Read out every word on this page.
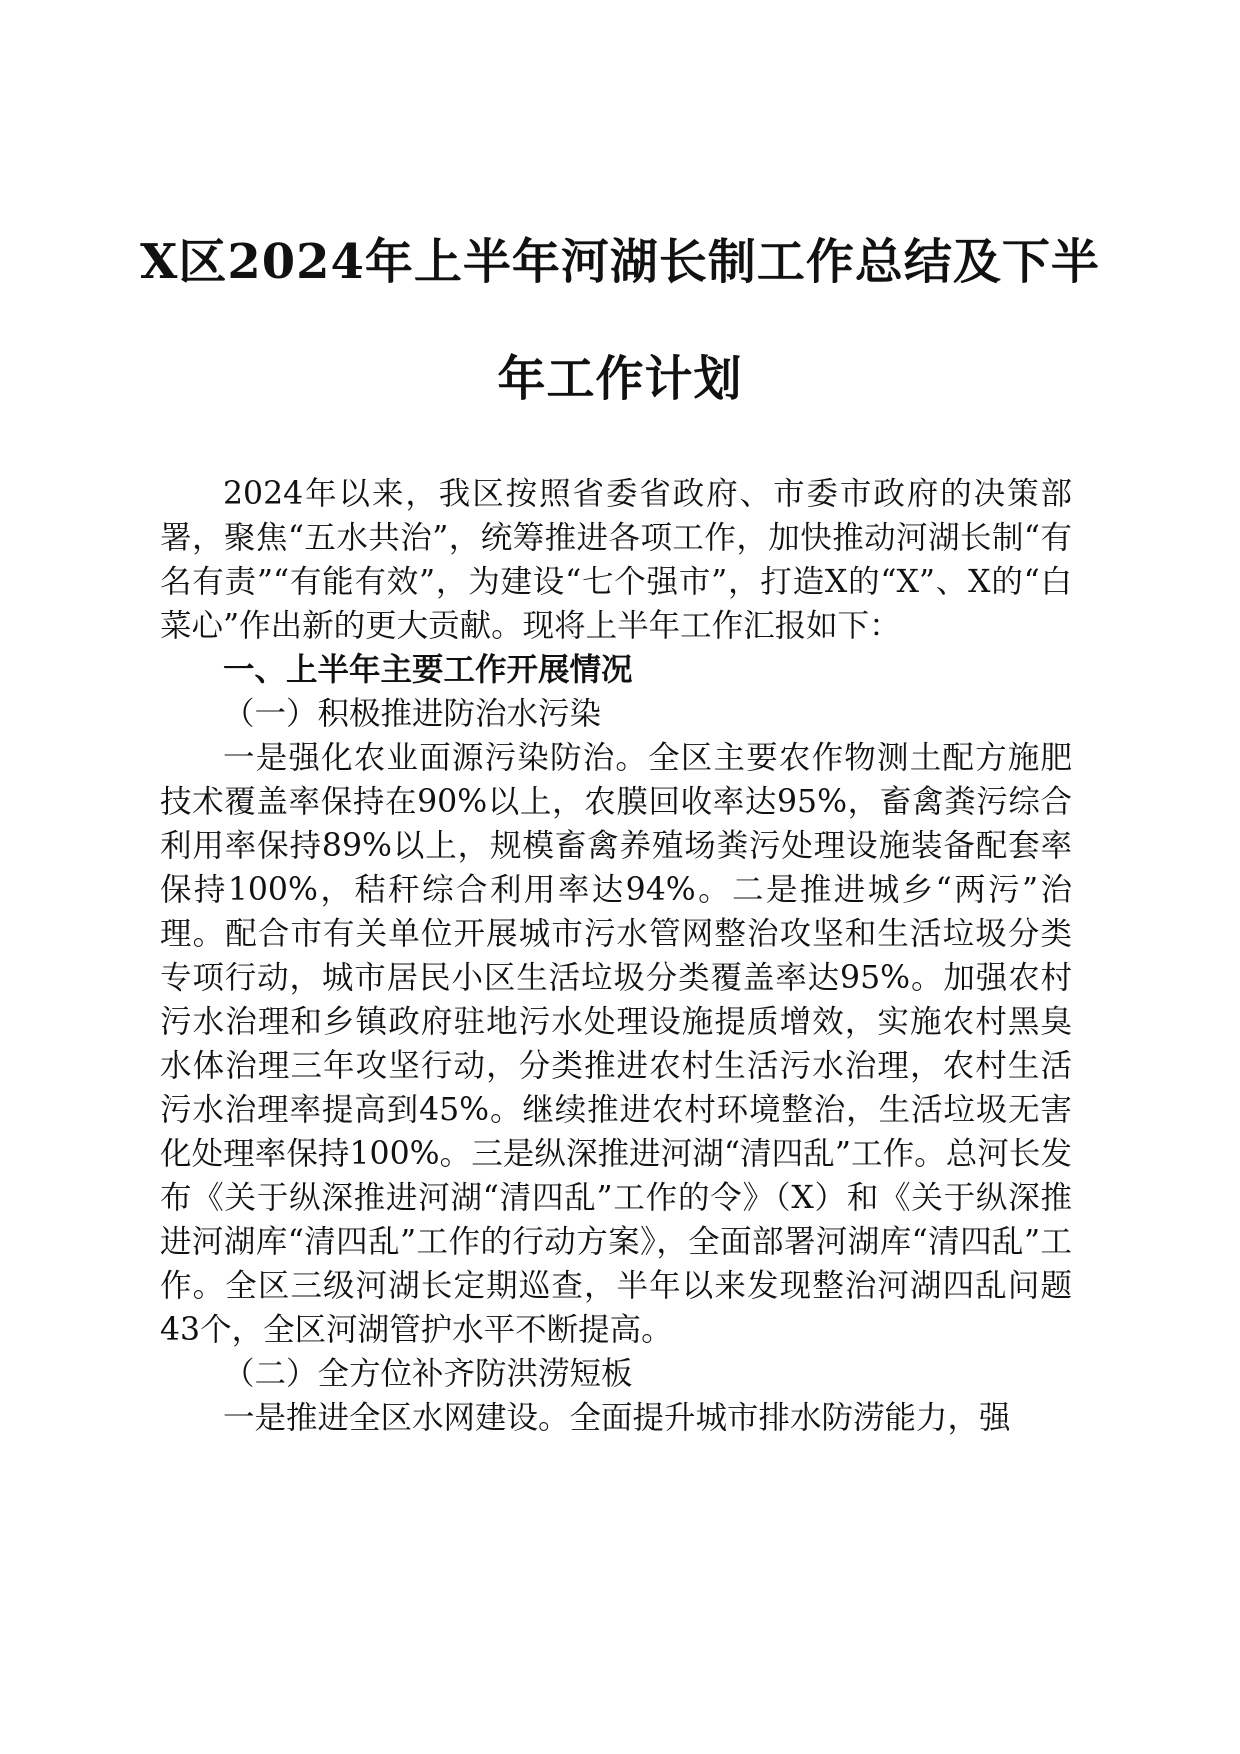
X区2024年上半年河湖长制工作总结及下半
年工作计划

2024年以来，我区按照省委省政府、市委市政府的决策部署，聚焦“五水共治”，统筹推进各项工作，加快推动河湖长制“有名有责”“有能有效”，为建设“七个强市”，打造X的“X”、X的“白菜心”作出新的更大贡献。现将上半年工作汇报如下：

一、上半年主要工作开展情况
（一）积极推进防治水污染

一是强化农业面源污染防治。全区主要农作物测土配方施肥技术覆盖率保持在90%以上，农膜回收率达95%，畜禽粪污综合利用率保持89%以上，规模畜禽养殖场粪污处理设施装备配套率保持100%，秸秆综合利用率达94%。二是推进城乡“两污”治理。配合市有关单位开展城市污水管网整治攻坚和生活垃圾分类专项行动，城市居民小区生活垃圾分类覆盖率达95%。加强农村污水治理和乡镇政府驻地污水处理设施提质增效，实施农村黑臭水体治理三年攻坚行动，分类推进农村生活污水治理，农村生活污水治理率提高到45%。继续推进农村环境整治，生活垃圾无害化处理率保持100%。三是纵深推进河湖“清四乱”工作。总河长发布《关于纵深推进河湖“清四乱”工作的令》（X）和《关于纵深推进河湖库“清四乱”工作的行动方案》，全面部署河湖库“清四乱”工作。全区三级河湖长定期巡查，半年以来发现整治河湖四乱问题43个，全区河湖管护水平不断提高。

（二）全方位补齐防洪涝短板

一是推进全区水网建设。全面提升城市排水防涝能力，强
